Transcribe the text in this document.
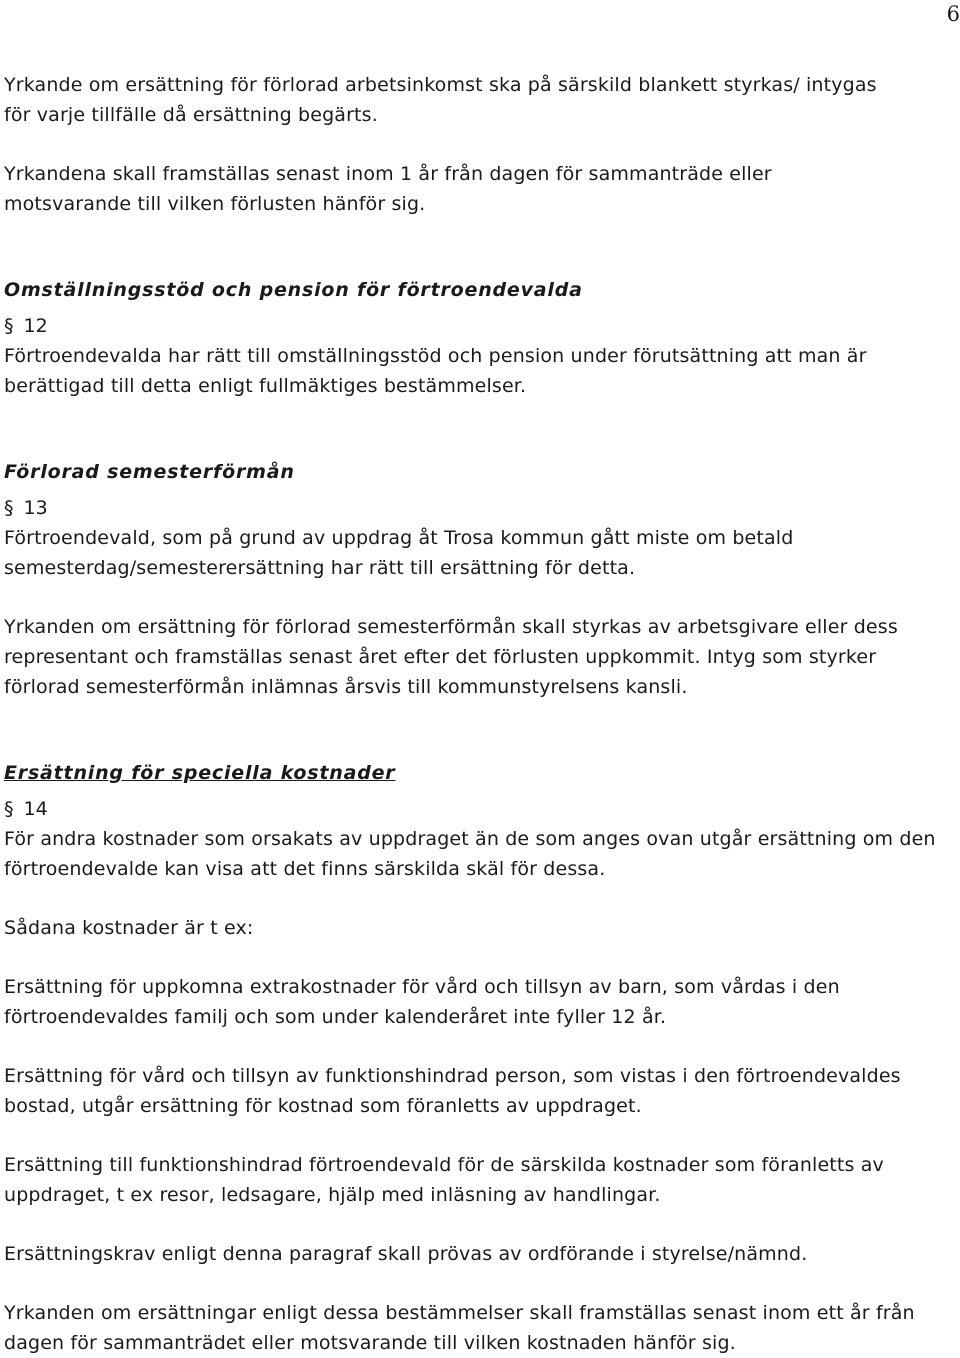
6

Yrkande om ersättning för förlorad arbetsinkomst ska på särskild blankett styrkas/ intygas för varje tillfälle då ersättning begärts.

Yrkandena skall framställas senast inom 1 år från dagen för sammanträde eller motsvarande till vilken förlusten hänför sig.

Omställningsstöd och pension för förtroendevalda
§ 12

Förtroendevalda har rätt till omställningsstöd och pension under förutsättning att man är berättigad till detta enligt fullmäktiges bestämmelser.

Förlorad semesterförmån
§ 13

Förtroendevald, som på grund av uppdrag åt Trosa kommun gått miste om betald semesterdag/semesterersättning har rätt till ersättning för detta.

Yrkanden om ersättning för förlorad semesterförmån skall styrkas av arbetsgivare eller dess representant och framställas senast året efter det förlusten uppkommit. Intyg som styrker förlorad semesterförmån inlämnas årsvis till kommunstyrelsens kansli.

Ersättning för speciella kostnader
§ 14

För andra kostnader som orsakats av uppdraget än de som anges ovan utgår ersättning om den förtroendevalde kan visa att det finns särskilda skäl för dessa.

Sådana kostnader är t ex:

Ersättning för uppkomna extrakostnader för vård och tillsyn av barn, som vårdas i den förtroendevaldes familj och som under kalenderåret inte fyller 12 år.

Ersättning för vård och tillsyn av funktionshindrad person, som vistas i den förtroendevaldes bostad, utgår ersättning för kostnad som föranletts av uppdraget.

Ersättning till funktionshindrad förtroendevald för de särskilda kostnader som föranletts av uppdraget, t ex resor, ledsagare, hjälp med inläsning av handlingar.

Ersättningskrav enligt denna paragraf skall prövas av ordförande i styrelse/nämnd.

Yrkanden om ersättningar enligt dessa bestämmelser skall framställas senast inom ett år från dagen för sammanträdet eller motsvarande till vilken kostnaden hänför sig.
